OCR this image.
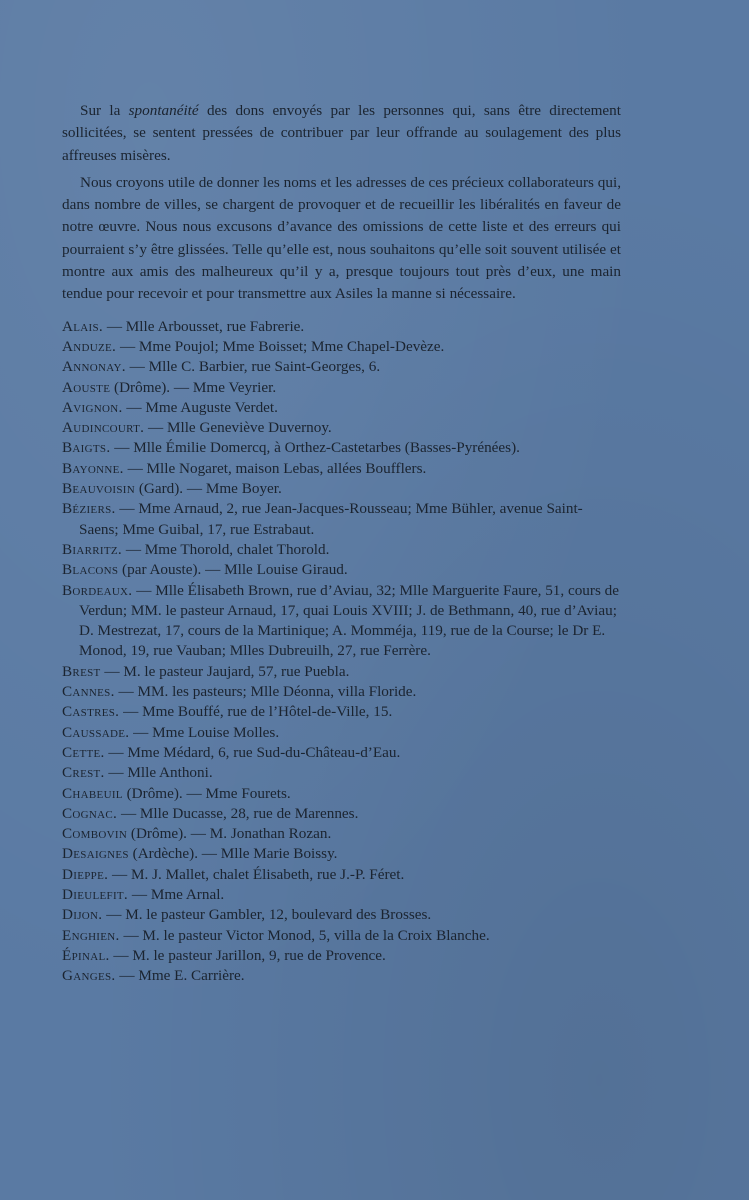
Sur la spontanéité des dons envoyés par les personnes qui, sans être directement sollicitées, se sentent pressées de contribuer par leur offrande au soulagement des plus affreuses misères.

Nous croyons utile de donner les noms et les adresses de ces précieux collaborateurs qui, dans nombre de villes, se chargent de provoquer et de recueillir les libéralités en faveur de notre œuvre. Nous nous excusons d’avance des omissions de cette liste et des erreurs qui pourraient s’y être glissées. Telle qu’elle est, nous souhaitons qu’elle soit souvent utilisée et montre aux amis des malheureux qu’il y a, presque toujours tout près d’eux, une main tendue pour recevoir et pour transmettre aux Asiles la manne si nécessaire.

Alais. — Mlle Arbousset, rue Fabrerie.
Anduze. — Mme Poujol; Mme Boisset; Mme Chapel-Devèze.
Annonay. — Mlle C. Barbier, rue Saint-Georges, 6.
Aouste (Drôme). — Mme Veyrier.
Avignon. — Mme Auguste Verdet.
Audincourt. — Mlle Geneviève Duvernoy.
Baigts. — Mlle Émilie Domercq, à Orthez-Castetarbes (Basses-Pyrénées).
Bayonne. — Mlle Nogaret, maison Lebas, allées Boufflers.
Beauvoisin (Gard). — Mme Boyer.
Béziers. — Mme Arnaud, 2, rue Jean-Jacques-Rousseau; Mme Bühler, avenue Saint-Saens; Mme Guibal, 17, rue Estrabaut.
Biarritz. — Mme Thorold, chalet Thorold.
Blacons (par Aouste). — Mlle Louise Giraud.
Bordeaux. — Mlle Élisabeth Brown, rue d’Aviau, 32; Mlle Marguerite Faure, 51, cours de Verdun; MM. le pasteur Arnaud, 17, quai Louis XVIII; J. de Bethmann, 40, rue d’Aviau; D. Mestrezat, 17, cours de la Martinique; A. Momméja, 119, rue de la Course; le Dr E. Monod, 19, rue Vauban; Mlles Dubreuilh, 27, rue Ferrère.
Brest — M. le pasteur Jaujard, 57, rue Puebla.
Cannes. — MM. les pasteurs; Mlle Déonna, villa Floride.
Castres. — Mme Bouffé, rue de l’Hôtel-de-Ville, 15.
Caussade. — Mme Louise Molles.
Cette. — Mme Médard, 6, rue Sud-du-Château-d’Eau.
Crest. — Mlle Anthoni.
Chabeuil (Drôme). — Mme Fourets.
Cognac. — Mlle Ducasse, 28, rue de Marennes.
Combovin (Drôme). — M. Jonathan Rozan.
Desaignes (Ardèche). — Mlle Marie Boissy.
Dieppe. — M. J. Mallet, chalet Élisabeth, rue J.-P. Féret.
Dieulefit. — Mme Arnal.
Dijon. — M. le pasteur Gambler, 12, boulevard des Brosses.
Enghien. — M. le pasteur Victor Monod, 5, villa de la Croix Blanche.
Épinal. — M. le pasteur Jarillon, 9, rue de Provence.
Ganges. — Mme E. Carrière.
